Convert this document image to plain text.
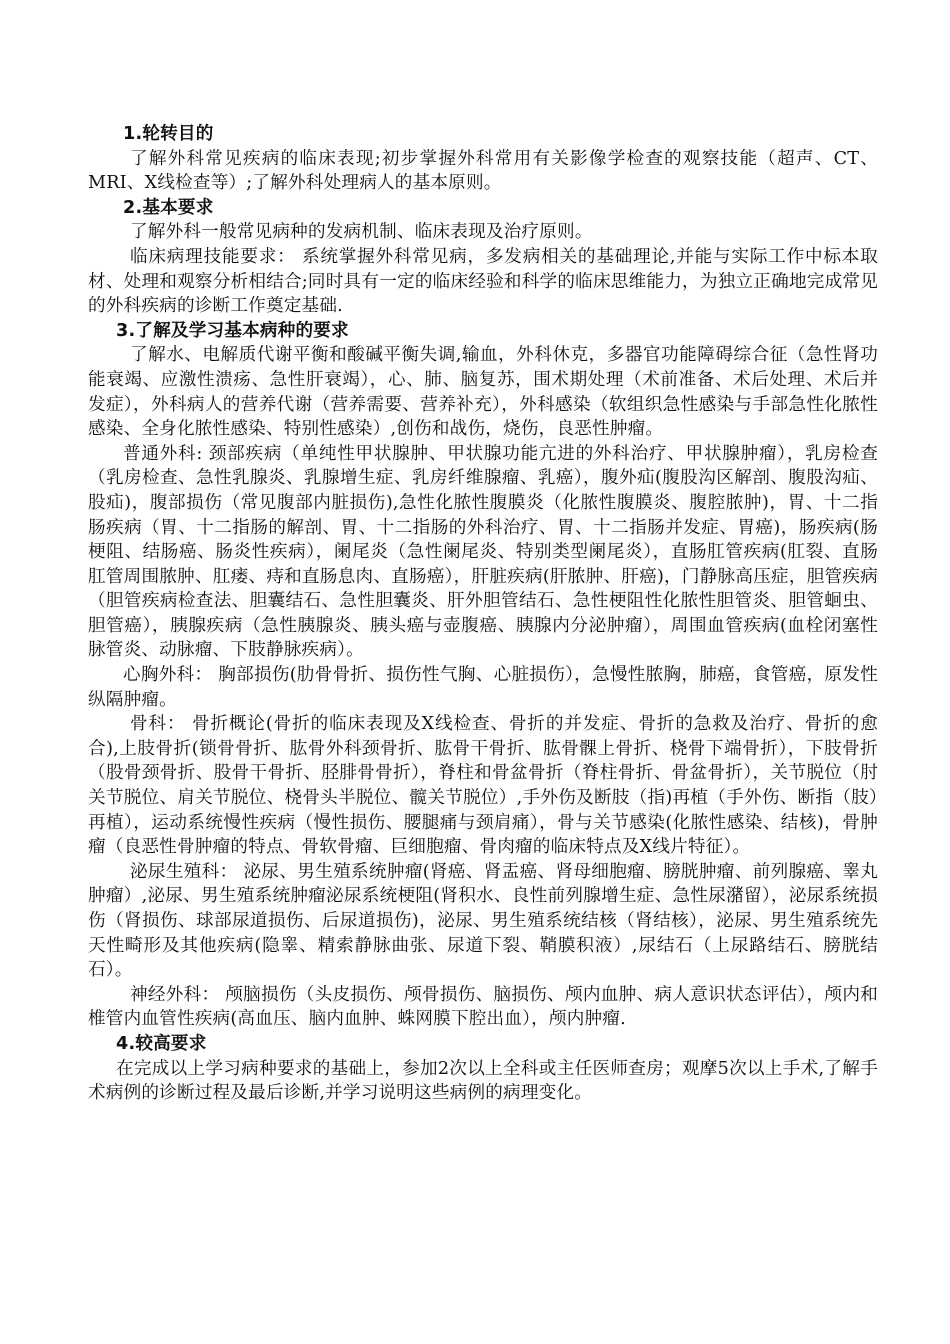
1.轮转目的

了解外科常见疾病的临床表现;初步掌握外科常用有关影像学检查的观察技能（超声、CT、MRI、X线检查等）;了解外科处理病人的基本原则。

2.基本要求

了解外科一般常见病种的发病机制、临床表现及治疗原则。

临床病理技能要求： 系统掌握外科常见病，多发病相关的基础理论,并能与实际工作中标本取材、处理和观察分析相结合;同时具有一定的临床经验和科学的临床思维能力，为独立正确地完成常见的外科疾病的诊断工作奠定基础.

3.了解及学习基本病种的要求

了解水、电解质代谢平衡和酸碱平衡失调,输血，外科休克，多器官功能障碍综合征（急性肾功能衰竭、应激性溃疡、急性肝衰竭），心、肺、脑复苏，围术期处理（术前准备、术后处理、术后并发症），外科病人的营养代谢（营养需要、营养补充），外科感染（软组织急性感染与手部急性化脓性感染、全身化脓性感染、特别性感染）,创伤和战伤，烧伤，良恶性肿瘤。

普通外科: 颈部疾病（单纯性甲状腺肿、甲状腺功能亢进的外科治疗、甲状腺肿瘤），乳房检查（乳房检查、急性乳腺炎、乳腺增生症、乳房纤维腺瘤、乳癌），腹外疝(腹股沟区解剖、腹股沟疝、股疝)，腹部损伤（常见腹部内脏损伤),急性化脓性腹膜炎（化脓性腹膜炎、腹腔脓肿)，胃、十二指肠疾病（胃、十二指肠的解剖、胃、十二指肠的外科治疗、胃、十二指肠并发症、胃癌)，肠疾病(肠梗阻、结肠癌、肠炎性疾病），阑尾炎（急性阑尾炎、特别类型阑尾炎），直肠肛管疾病(肛裂、直肠肛管周围脓肿、肛瘘、痔和直肠息肉、直肠癌），肝脏疾病(肝脓肿、肝癌)，门静脉高压症，胆管疾病（胆管疾病检查法、胆囊结石、急性胆囊炎、肝外胆管结石、急性梗阻性化脓性胆管炎、胆管蛔虫、胆管癌），胰腺疾病（急性胰腺炎、胰头癌与壶腹癌、胰腺内分泌肿瘤），周围血管疾病(血栓闭塞性脉管炎、动脉瘤、下肢静脉疾病）。

心胸外科： 胸部损伤(肋骨骨折、损伤性气胸、心脏损伤），急慢性脓胸，肺癌，食管癌，原发性纵隔肿瘤。

骨科： 骨折概论(骨折的临床表现及X线检查、骨折的并发症、骨折的急救及治疗、骨折的愈合),上肢骨折(锁骨骨折、肱骨外科颈骨折、肱骨干骨折、肱骨髁上骨折、桡骨下端骨折），下肢骨折（股骨颈骨折、股骨干骨折、胫腓骨骨折），脊柱和骨盆骨折（脊柱骨折、骨盆骨折），关节脱位（肘关节脱位、肩关节脱位、桡骨头半脱位、髋关节脱位）,手外伤及断肢（指)再植（手外伤、断指（肢）再植），运动系统慢性疾病（慢性损伤、腰腿痛与颈肩痛），骨与关节感染(化脓性感染、结核)，骨肿瘤（良恶性骨肿瘤的特点、骨软骨瘤、巨细胞瘤、骨肉瘤的临床特点及X线片特征）。

泌尿生殖科： 泌尿、男生殖系统肿瘤(肾癌、肾盂癌、肾母细胞瘤、膀胱肿瘤、前列腺癌、睾丸肿瘤）,泌尿、男生殖系统肿瘤泌尿系统梗阻(肾积水、良性前列腺增生症、急性尿潴留），泌尿系统损伤（肾损伤、球部尿道损伤、后尿道损伤)，泌尿、男生殖系统结核（肾结核），泌尿、男生殖系统先天性畸形及其他疾病(隐睾、精索静脉曲张、尿道下裂、鞘膜积液）,尿结石（上尿路结石、膀胱结石）。

神经外科： 颅脑损伤（头皮损伤、颅骨损伤、脑损伤、颅内血肿、病人意识状态评估），颅内和椎管内血管性疾病(高血压、脑内血肿、蛛网膜下腔出血），颅内肿瘤.

4.较高要求

在完成以上学习病种要求的基础上，参加2次以上全科或主任医师查房；观摩5次以上手术,了解手术病例的诊断过程及最后诊断,并学习说明这些病例的病理变化。
